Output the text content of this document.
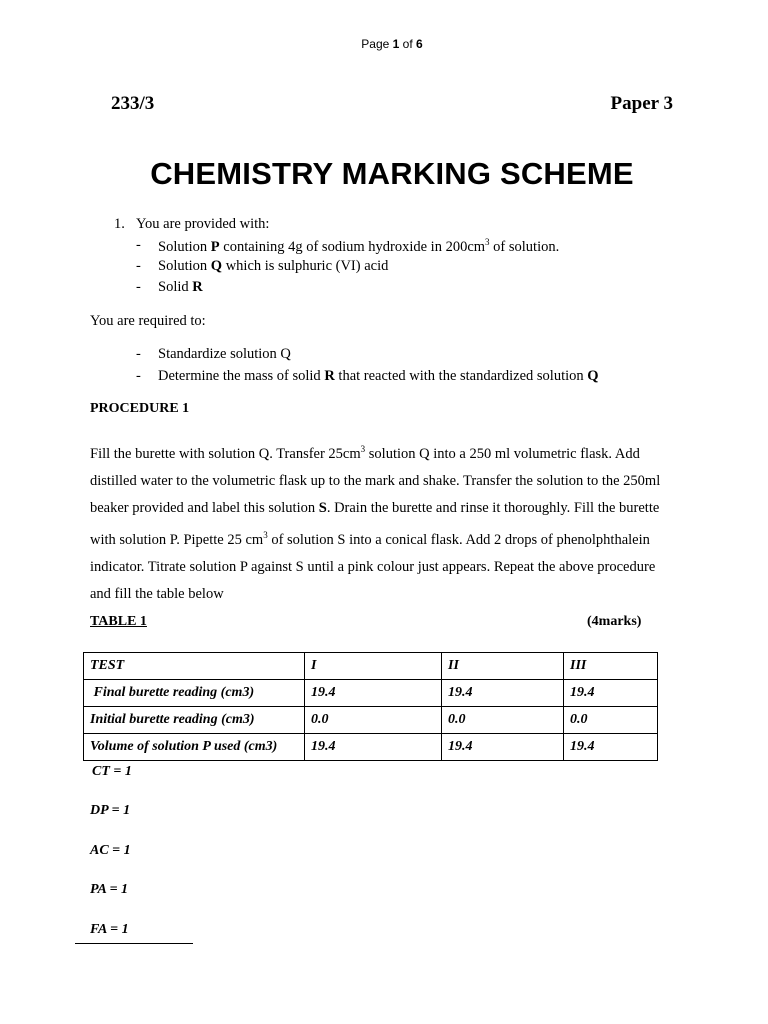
Page 1 of 6
233/3	Paper 3
CHEMISTRY MARKING SCHEME
1. You are provided with:
- Solution P containing 4g of sodium hydroxide in $200cm^3$ of solution.
- Solution Q which is sulphuric (VI) acid
- Solid R
You are required to:
- Standardize solution Q
- Determine the mass of solid R that reacted with the standardized solution Q
PROCEDURE 1

Fill the burette with solution Q. Transfer $25cm^3$ solution Q into a 250 ml volumetric flask. Add

distilled water to the volumetric flask up to the mark and shake. Transfer the solution to the 250ml

beaker provided and label this solution S. Drain the burette and rinse it thoroughly. Fill the burette

with solution P. Pipette 25 $cm^3$ of solution S into a conical flask. Add 2 drops of phenolphthalein

indicator. Titrate solution P against S until a pink colour just appears. Repeat the above procedure

and fill the table below

TABLE 1	(4marks)
TEST	I	II	III
Final burette reading (cm3)	19.4	19.4	19.4
Initial burette reading (cm3)	0.0	0.0	0.0
Volume of solution P used (cm3)	19.4	19.4	19.4
CT = 1
DP = 1
AC = 1
PA = 1
FA = 1
